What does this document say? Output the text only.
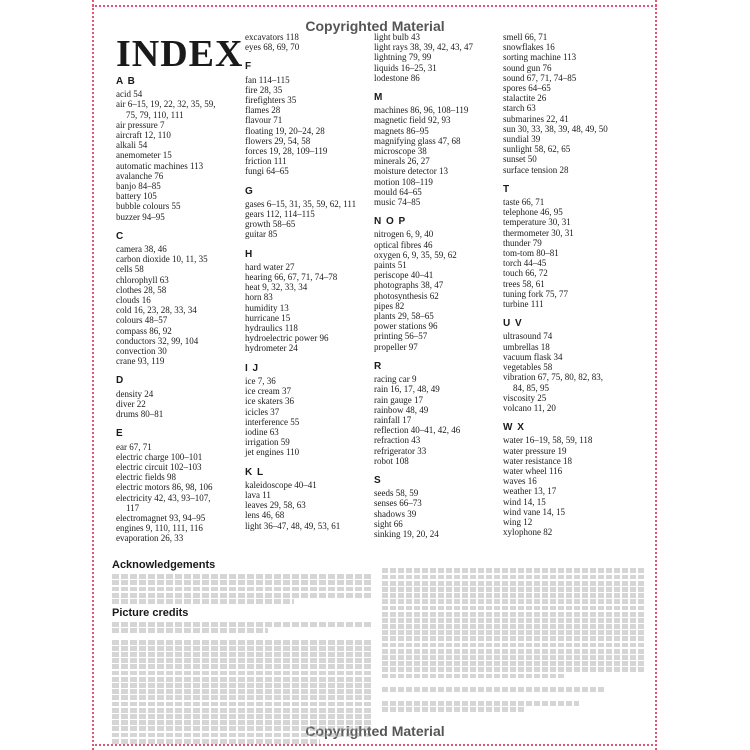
Copyrighted Material
Copyrighted Material
INDEX
A B
acid 54
air 6–15, 19, 22, 32, 35, 59,
75, 79, 110, 111
air pressure 7
aircraft 12, 110
alkali 54
anemometer 15
automatic machines 113
avalanche 76
banjo 84–85
battery 105
bubble colours 55
buzzer 94–95
C
camera 38, 46
carbon dioxide 10, 11, 35
cells 58
chlorophyll 63
clothes 28, 58
clouds 16
cold 16, 23, 28, 33, 34
colours 48–57
compass 86, 92
conductors 32, 99, 104
convection 30
crane 93, 119
D
density 24
diver 22
drums 80–81
E
ear 67, 71
electric charge 100–101
electric circuit 102–103
electric fields 98
electric motors 86, 98, 106
electricity 42, 43, 93–107,
117
electromagnet 93, 94–95
engines 9, 110, 111, 116
evaporation 26, 33
excavators 118
eyes 68, 69, 70
F
fan 114–115
fire 28, 35
firefighters 35
flames 28
flavour 71
floating 19, 20–24, 28
flowers 29, 54, 58
forces 19, 28, 109–119
friction 111
fungi 64–65
G
gases 6–15, 31, 35, 59, 62, 111
gears 112, 114–115
growth 58–65
guitar 85
H
hard water 27
hearing 66, 67, 71, 74–78
heat 9, 32, 33, 34
horn 83
humidity 13
hurricane 15
hydraulics 118
hydroelectric power 96
hydrometer 24
I J
ice 7, 36
ice cream 37
ice skaters 36
icicles 37
interference 55
iodine 63
irrigation 59
jet engines 110
K L
kaleidoscope 40–41
lava 11
leaves 29, 58, 63
lens 46, 68
light 36–47, 48, 49, 53, 61
light bulb 43
light rays 38, 39, 42, 43, 47
lightning 79, 99
liquids 16–25, 31
lodestone 86
M
machines 86, 96, 108–119
magnetic field 92, 93
magnets 86–95
magnifying glass 47, 68
microscope 38
minerals 26, 27
moisture detector 13
motion 108–119
mould 64–65
music 74–85
N O P
nitrogen 6, 9, 40
optical fibres 46
oxygen 6, 9, 35, 59, 62
paints 51
periscope 40–41
photographs 38, 47
photosynthesis 62
pipes 82
plants 29, 58–65
power stations 96
printing 56–57
propeller 97
R
racing car 9
rain 16, 17, 48, 49
rain gauge 17
rainbow 48, 49
rainfall 17
reflection 40–41, 42, 46
refraction 43
refrigerator 33
robot 108
S
seeds 58, 59
senses 66–73
shadows 39
sight 66
sinking 19, 20, 24
smell 66, 71
snowflakes 16
sorting machine 113
sound gun 76
sound 67, 71, 74–85
spores 64–65
stalactite 26
starch 63
submarines 22, 41
sun 30, 33, 38, 39, 48, 49, 50
sundial 39
sunlight 58, 62, 65
sunset 50
surface tension 28
T
taste 66, 71
telephone 46, 95
temperature 30, 31
thermometer 30, 31
thunder 79
tom-tom 80–81
torch 44–45
touch 66, 72
trees 58, 61
tuning fork 75, 77
turbine 111
U V
ultrasound 74
umbrellas 18
vacuum flask 34
vegetables 58
vibration 67, 75, 80, 82, 83,
84, 85, 95
viscosity 25
volcano 11, 20
W X
water 16–19, 58, 59, 118
water pressure 19
water resistance 18
water wheel 116
waves 16
weather 13, 17
wind 14, 15
wind vane 14, 15
wing 12
xylophone 82
Acknowledgements
Picture credits
